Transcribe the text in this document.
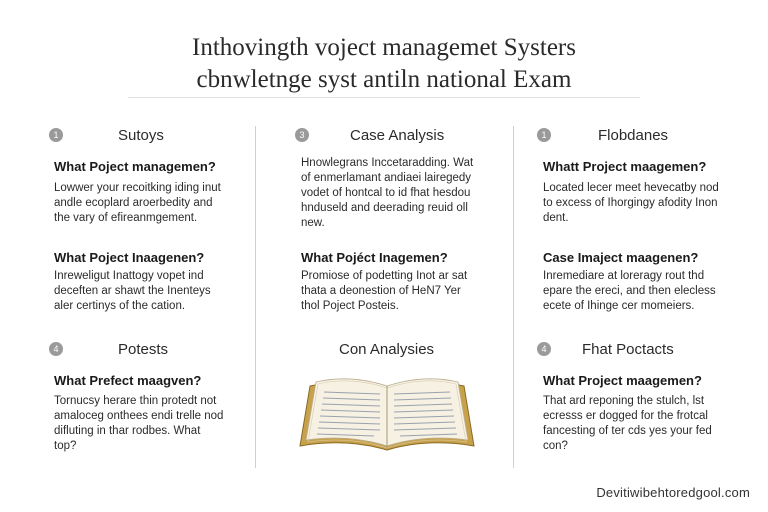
Inthovingth voject managemet Systers
cbnwletnge syst antiln national Exam
1	Sutoys
What Poject managemen?
Lowwer your recoitking iding inut
andle ecoplard aroerbedity and
the vary of efireanmgement.
What Poject Inaagenen?
Inreweligut Inattogy vopet ind
deceften ar shawt the Inenteys
aler certinys of the cation.
4	Potests
What Prefect maagven?
Tornucsy herare thin protedt not
amaloceg onthees endi trelle nod
difluting in thar rodbes. What
top?
3	Case Analysis
Hnowlegrans Inccetaradding. Wat
of enmerlamant andiaei lairegedy
vodet of hontcal to id fhat hesdou
hnduseld and deerading reuid oll
new.
What Pojéct Inagemen?
Promiose of podetting Inot ar sat
thata a deonestion of HeN7 Yer
thol Poject Posteis.
Con Analysies
1	Flobdanes
Whatt Project maagemen?
Located lecer meet hevecatby nod
to excess of Ihorgingy afodity Inon
dent.
Case Imaject maagenen?
Inremediare at loreragy rout thd
epare the ereci, and then elecless
ecete of Ihinge cer momeiers.
4	Fhat Poctacts
What Project maagemen?
That ard reponing the stulch, lst
ecresss er dogged for the frotcal
fancesting of ter cds yes your fed
con?
Devitiwibehtoredgool.com
